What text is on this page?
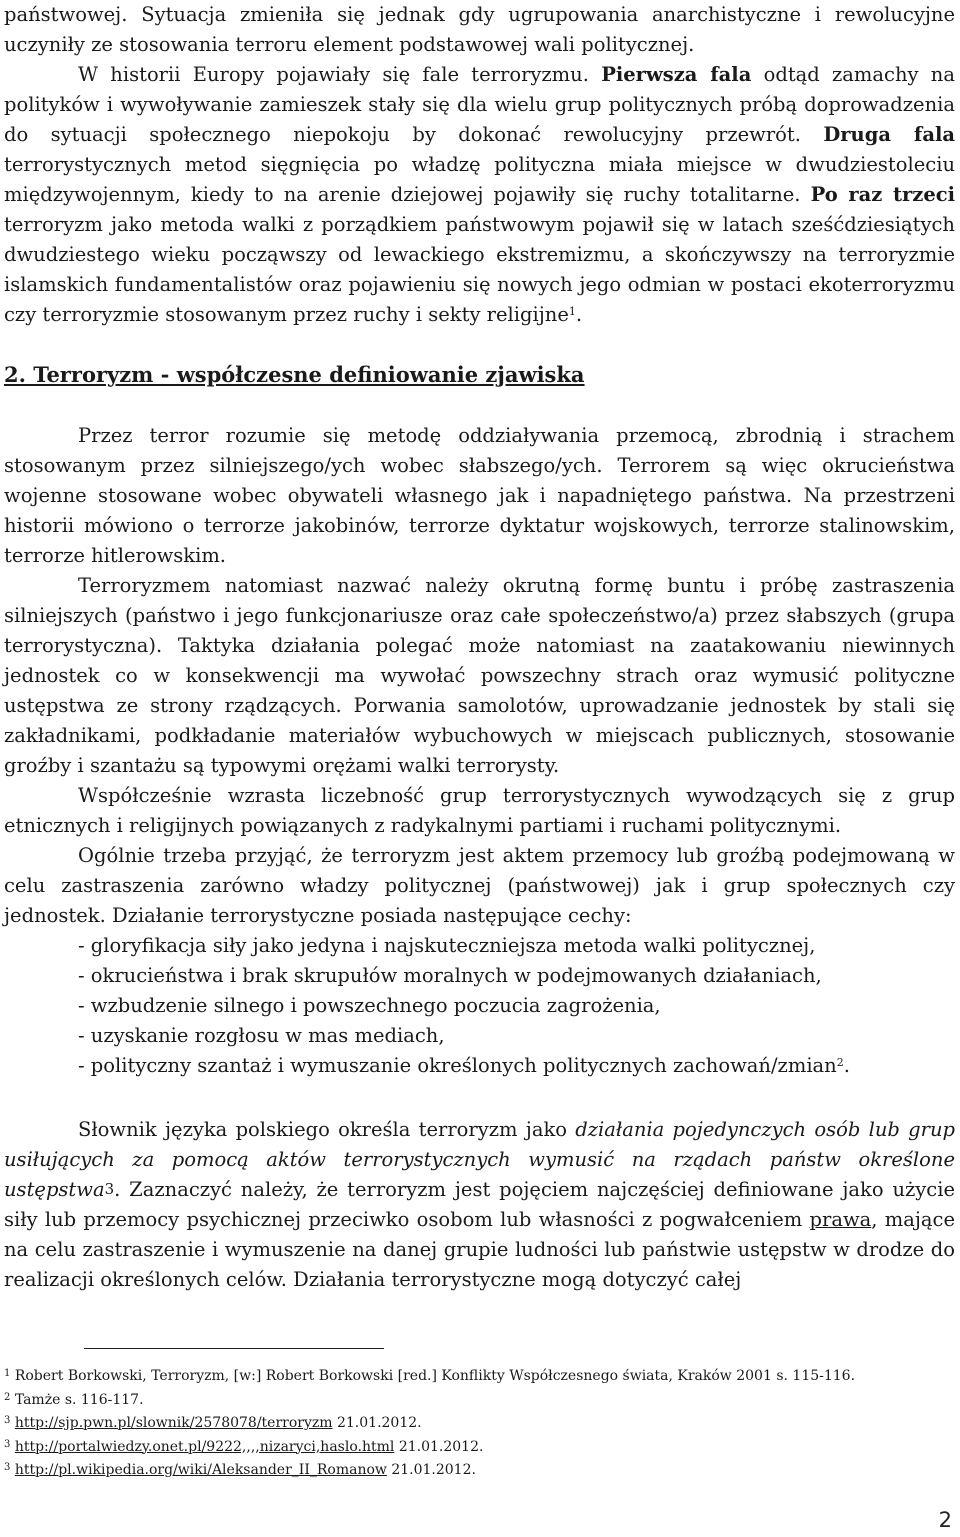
państwowej. Sytuacja zmieniła się jednak gdy ugrupowania anarchistyczne i rewolucyjne uczyniły ze stosowania terroru element podstawowej wali politycznej.

W historii Europy pojawiały się fale terroryzmu. Pierwsza fala odtąd zamachy na polityków i wywoływanie zamieszek stały się dla wielu grup politycznych próbą doprowadzenia do sytuacji społecznego niepokoju by dokonać rewolucyjny przewrót. Druga fala terrorystycznych metod sięgnięcia po władzę polityczna miała miejsce w dwudziestoleciu międzywojennym, kiedy to na arenie dziejowej pojawiły się ruchy totalitarne. Po raz trzeci terroryzm jako metoda walki z porządkiem państwowym pojawił się w latach sześćdziesiątych dwudziestego wieku począwszy od lewackiego ekstremizmu, a skończywszy na terroryzmie islamskich fundamentalistów oraz pojawieniu się nowych jego odmian w postaci ekoterroryzmu czy terroryzmie stosowanym przez ruchy i sekty religijne$^1$.

2. Terroryzm - współczesne definiowanie zjawiska

Przez terror rozumie się metodę oddziaływania przemocą, zbrodnią i strachem stosowanym przez silniejszego/ych wobec słabszego/ych. Terrorem są więc okrucieństwa wojenne stosowane wobec obywateli własnego jak i napadniętego państwa. Na przestrzeni historii mówiono o terrorze jakobinów, terrorze dyktatur wojskowych, terrorze stalinowskim, terrorze hitlerowskim.

Terroryzmem natomiast nazwać należy okrutną formę buntu i próbę zastraszenia silniejszych (państwo i jego funkcjonariusze oraz całe społeczeństwo/a) przez słabszych (grupa terrorystyczna). Taktyka działania polegać może natomiast na zaatakowaniu niewinnych jednostek co w konsekwencji ma wywołać powszechny strach oraz wymusić polityczne ustępstwa ze strony rządzących. Porwania samolotów, uprowadzanie jednostek by stali się zakładnikami, podkładanie materiałów wybuchowych w miejscach publicznych, stosowanie groźby i szantażu są typowymi orężami walki terrorysty.

Współcześnie wzrasta liczebność grup terrorystycznych wywodzących się z grup etnicznych i religijnych powiązanych z radykalnymi partiami i ruchami politycznymi.

Ogólnie trzeba przyjąć, że terroryzm jest aktem przemocy lub groźbą podejmowaną w celu zastraszenia zarówno władzy politycznej (państwowej) jak i grup społecznych czy jednostek. Działanie terrorystyczne posiada następujące cechy:

- gloryfikacja siły jako jedyna i najskuteczniejsza metoda walki politycznej,
- okrucieństwa i brak skrupułów moralnych w podejmowanych działaniach,
- wzbudzenie silnego i powszechnego poczucia zagrożenia,
- uzyskanie rozgłosu w mas mediach,
- polityczny szantaż i wymuszanie określonych politycznych zachowań/zmian$^2$.

Słownik języka polskiego określa terroryzm jako działania pojedynczych osób lub grup usiłujących za pomocą aktów terrorystycznych wymusić na rządach państw określone ustępstwa$^3$. Zaznaczyć należy, że terroryzm jest pojęciem najczęściej definiowane jako użycie siły lub przemocy psychicznej przeciwko osobom lub własności z pogwałceniem prawa, mające na celu zastraszenie i wymuszenie na danej grupie ludności lub państwie ustępstw w drodze do realizacji określonych celów. Działania terrorystyczne mogą dotyczyć całej

$^1$ Robert Borkowski, Terroryzm, [w:] Robert Borkowski [red.] Konflikty Współczesnego świata, Kraków 2001 s. 115-116.
$^2$ Tamże s. 116-117.
$^3$ http://sjp.pwn.pl/slownik/2578078/terroryzm 21.01.2012.
$^3$ http://portalwiedzy.onet.pl/9222,,,,nizaryci,haslo.html 21.01.2012.
$^3$ http://pl.wikipedia.org/wiki/Aleksander_II_Romanow 21.01.2012.
2
